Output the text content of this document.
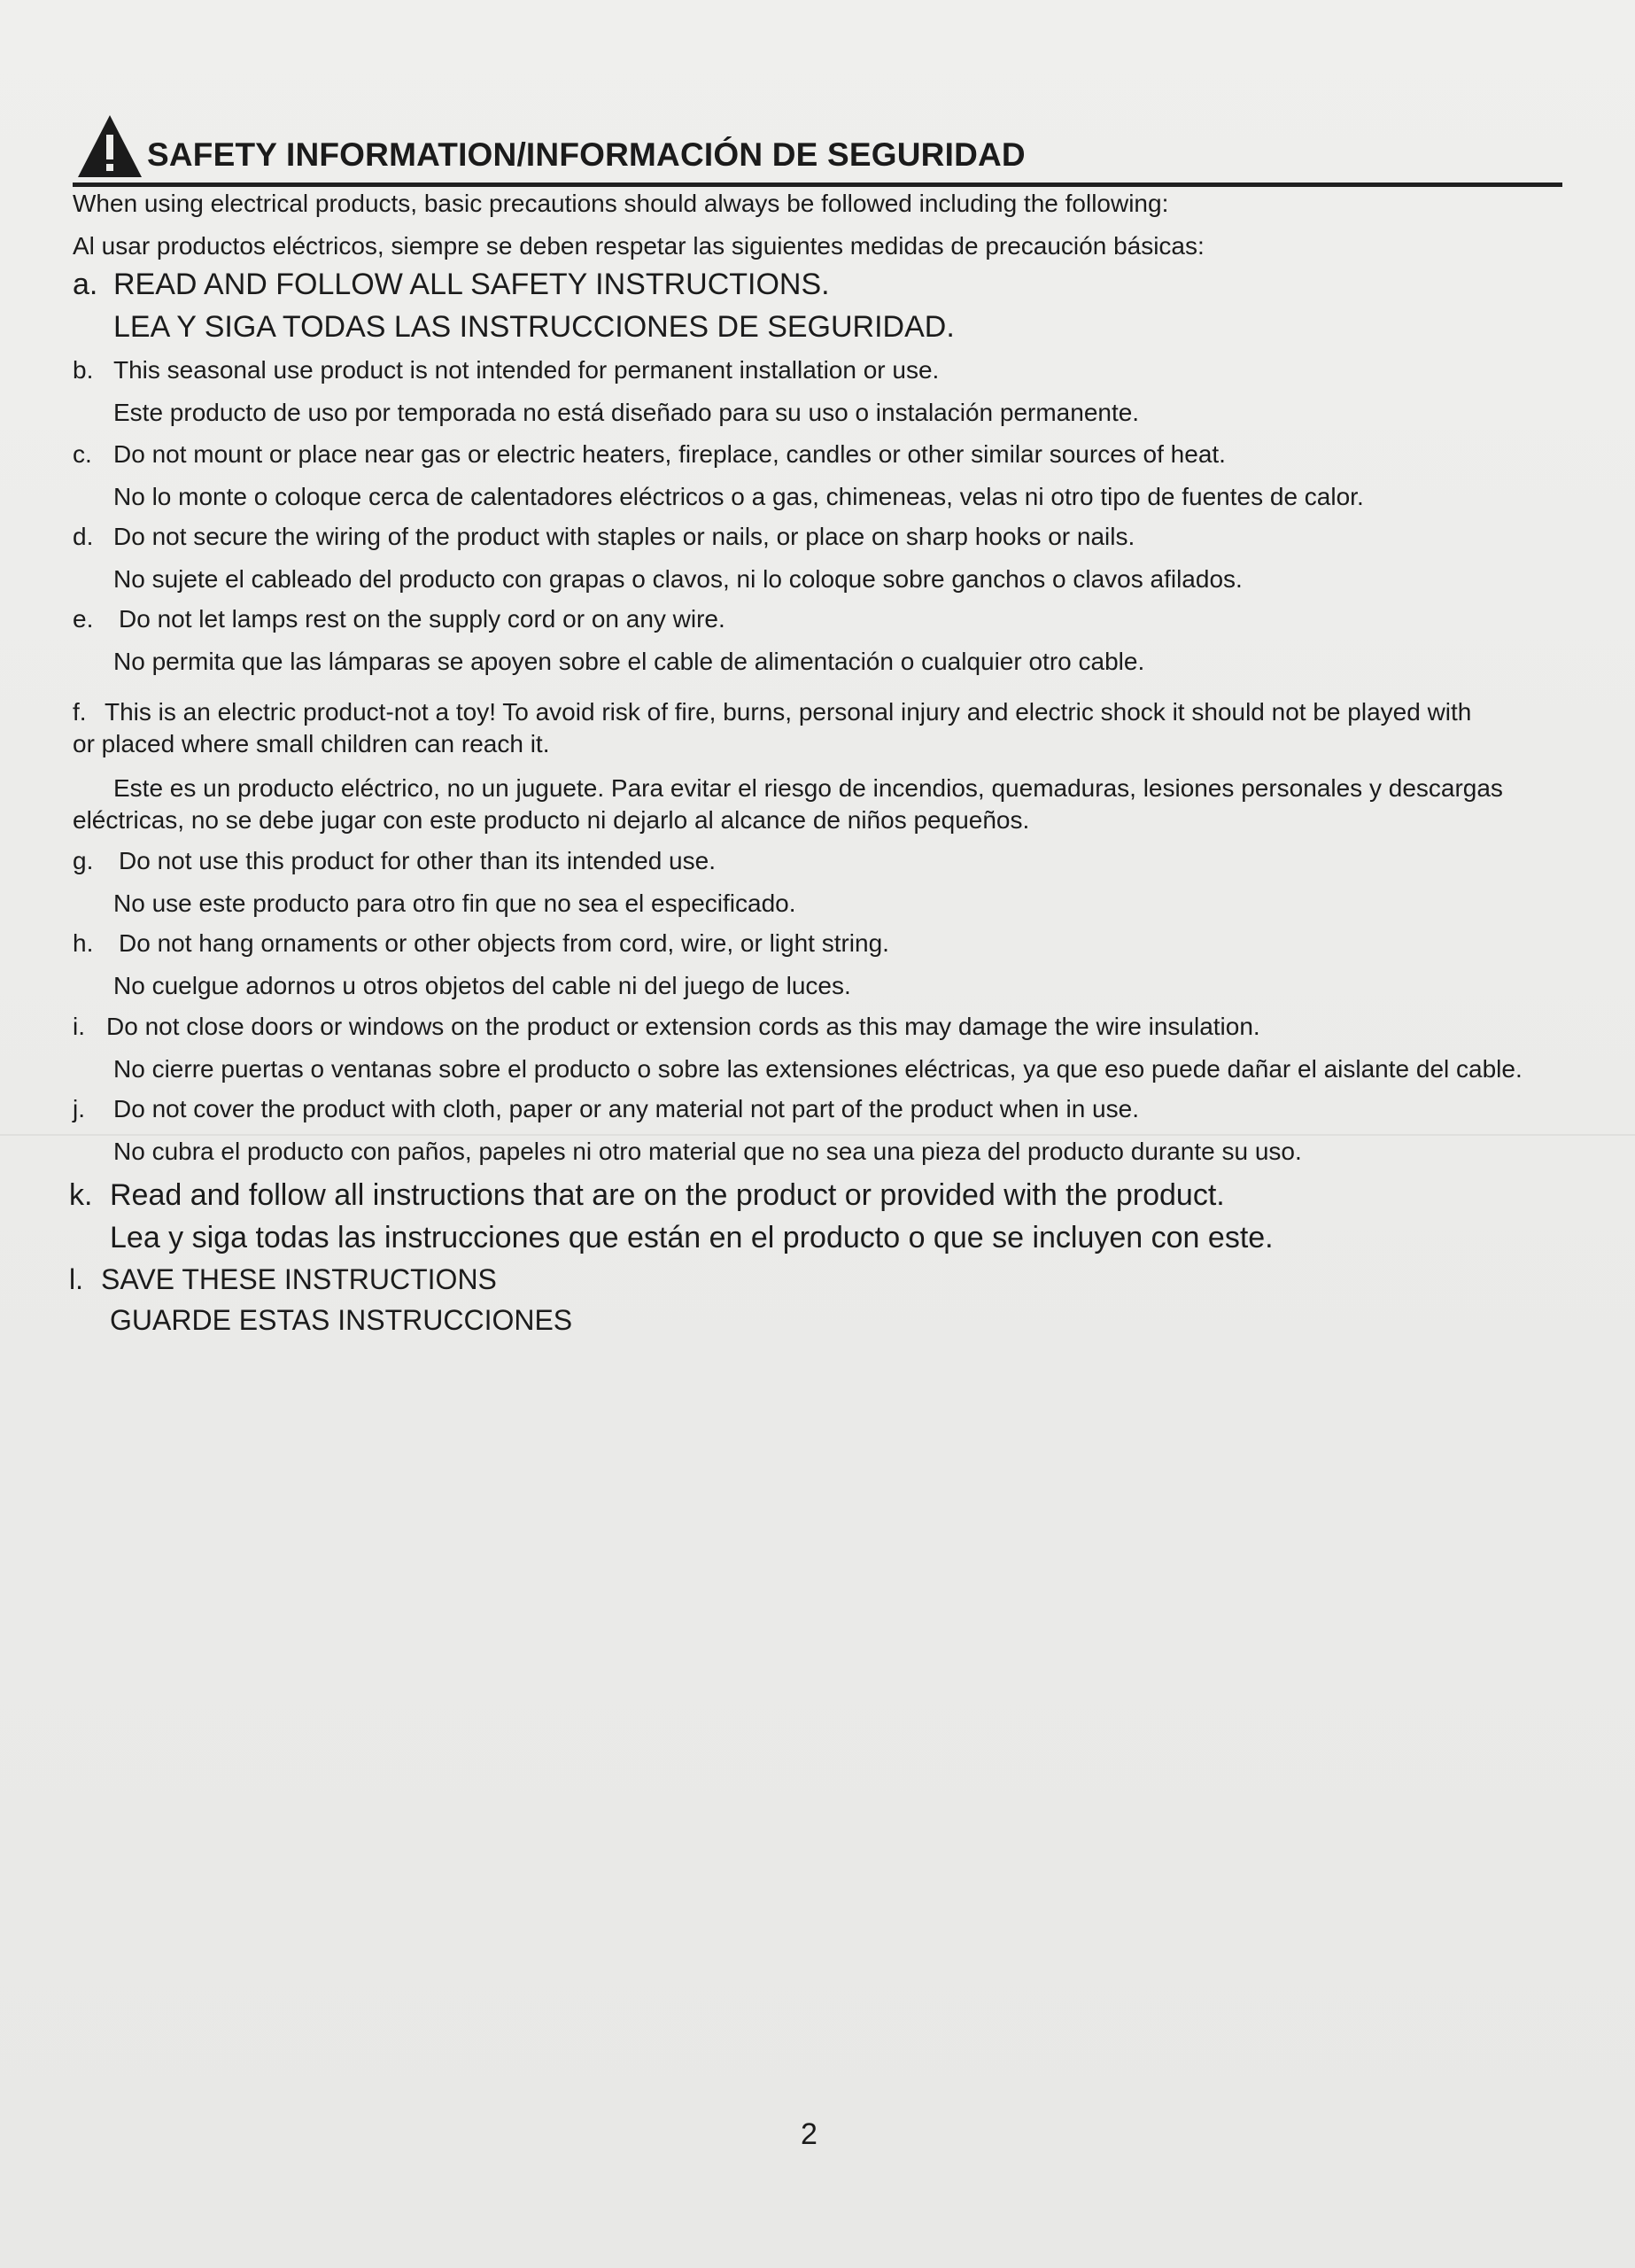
SAFETY INFORMATION/INFORMACIÓN DE SEGURIDAD
When using electrical products, basic precautions should always be followed including the following:
Al usar productos eléctricos, siempre se deben respetar las siguientes medidas de precaución básicas:
a. READ AND FOLLOW ALL SAFETY INSTRUCTIONS.
LEA Y SIGA TODAS LAS INSTRUCCIONES DE SEGURIDAD.
b. This seasonal use product is not intended for permanent installation or use.
Este producto de uso por temporada no está diseñado para su uso o instalación permanente.
c. Do not mount or place near gas or electric heaters, fireplace, candles or other similar sources of heat.
No lo monte o coloque cerca de calentadores eléctricos o a gas, chimeneas, velas ni otro tipo de fuentes de calor.
d. Do not secure the wiring of the product with staples or nails, or place on sharp hooks or nails.
No sujete el cableado del producto con grapas o clavos, ni lo coloque sobre ganchos o clavos afilados.
e. Do not let lamps rest on the supply cord or on any wire.
No permita que las lámparas se apoyen sobre el cable de alimentación o cualquier otro cable.
f. This is an electric product-not a toy! To avoid risk of fire, burns, personal injury and electric shock it should not be played with
or placed where small children can reach it.
Este es un producto eléctrico, no un juguete. Para evitar el riesgo de incendios, quemaduras, lesiones personales y descargas
eléctricas, no se debe jugar con este producto ni dejarlo al alcance de niños pequeños.
g. Do not use this product for other than its intended use.
No use este producto para otro fin que no sea el especificado.
h. Do not hang ornaments or other objects from cord, wire, or light string.
No cuelgue adornos u otros objetos del cable ni del juego de luces.
i. Do not close doors or windows on the product or extension cords as this may damage the wire insulation.
No cierre puertas o ventanas sobre el producto o sobre las extensiones eléctricas, ya que eso puede dañar el aislante del cable.
j. Do not cover the product with cloth, paper or any material not part of the product when in use.
No cubra el producto con paños, papeles ni otro material que no sea una pieza del producto durante su uso.
k. Read and follow all instructions that are on the product or provided with the product.
Lea y siga todas las instrucciones que están en el producto o que se incluyen con este.
l. SAVE THESE INSTRUCTIONS
GUARDE ESTAS INSTRUCCIONES
2
